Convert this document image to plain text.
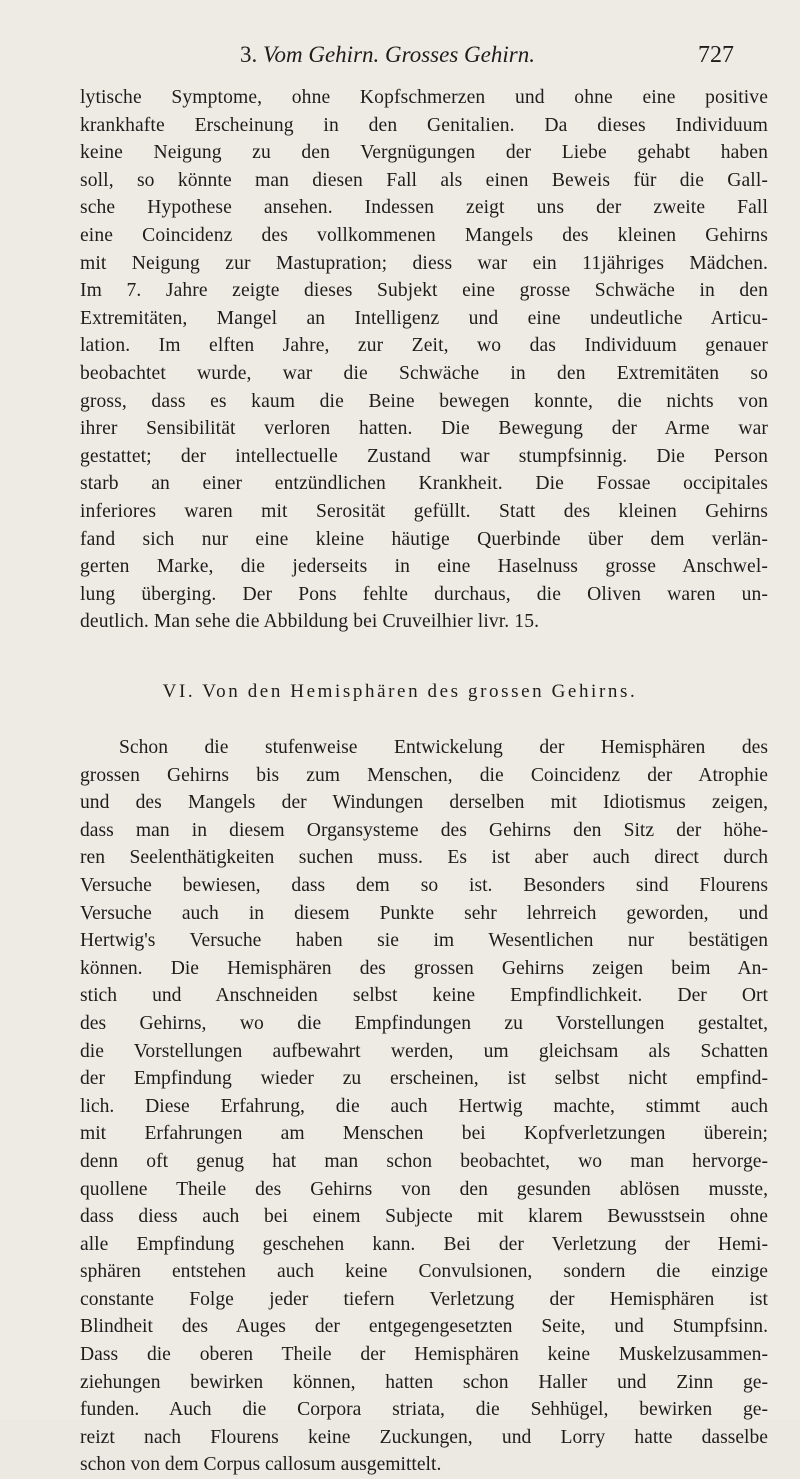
3. Vom Gehirn. Grosses Gehirn.	727
lytische Symptome, ohne Kopfschmerzen und ohne eine positive
krankhafte Erscheinung in den Genitalien. Da dieses Individuum
keine Neigung zu den Vergnügungen der Liebe gehabt haben
soll, so könnte man diesen Fall als einen Beweis für die Gall-
sche Hypothese ansehen. Indessen zeigt uns der zweite Fall
eine Coincidenz des vollkommenen Mangels des kleinen Gehirns
mit Neigung zur Mastupration; diess war ein 11jähriges Mädchen.
Im 7. Jahre zeigte dieses Subjekt eine grosse Schwäche in den
Extremitäten, Mangel an Intelligenz und eine undeutliche Articu-
lation. Im elften Jahre, zur Zeit, wo das Individuum genauer
beobachtet wurde, war die Schwäche in den Extremitäten so
gross, dass es kaum die Beine bewegen konnte, die nichts von
ihrer Sensibilität verloren hatten. Die Bewegung der Arme war
gestattet; der intellectuelle Zustand war stumpfsinnig. Die Person
starb an einer entzündlichen Krankheit. Die Fossae occipitales
inferiores waren mit Serosität gefüllt. Statt des kleinen Gehirns
fand sich nur eine kleine häutige Querbinde über dem verlän-
gerten Marke, die jederseits in eine Haselnuss grosse Anschwel-
lung überging. Der Pons fehlte durchaus, die Oliven waren un-
deutlich. Man sehe die Abbildung bei Cruveilhier livr. 15.
VI. Von den Hemisphären des grossen Gehirns.
Schon die stufenweise Entwickelung der Hemisphären des
grossen Gehirns bis zum Menschen, die Coincidenz der Atrophie
und des Mangels der Windungen derselben mit Idiotismus zeigen,
dass man in diesem Organsysteme des Gehirns den Sitz der höhe-
ren Seelenthätigkeiten suchen muss. Es ist aber auch direct durch
Versuche bewiesen, dass dem so ist. Besonders sind Flourens
Versuche auch in diesem Punkte sehr lehrreich geworden, und
Hertwig's Versuche haben sie im Wesentlichen nur bestätigen
können. Die Hemisphären des grossen Gehirns zeigen beim An-
stich und Anschneiden selbst keine Empfindlichkeit. Der Ort
des Gehirns, wo die Empfindungen zu Vorstellungen gestaltet,
die Vorstellungen aufbewahrt werden, um gleichsam als Schatten
der Empfindung wieder zu erscheinen, ist selbst nicht empfind-
lich. Diese Erfahrung, die auch Hertwig machte, stimmt auch
mit Erfahrungen am Menschen bei Kopfverletzungen überein;
denn oft genug hat man schon beobachtet, wo man hervorge-
quollene Theile des Gehirns von den gesunden ablösen musste,
dass diess auch bei einem Subjecte mit klarem Bewusstsein ohne
alle Empfindung geschehen kann. Bei der Verletzung der Hemi-
sphären entstehen auch keine Convulsionen, sondern die einzige
constante Folge jeder tiefern Verletzung der Hemisphären ist
Blindheit des Auges der entgegengesetzten Seite, und Stumpfsinn.
Dass die oberen Theile der Hemisphären keine Muskelzusammen-
ziehungen bewirken können, hatten schon Haller und Zinn ge-
funden. Auch die Corpora striata, die Sehhügel, bewirken ge-
reizt nach Flourens keine Zuckungen, und Lorry hatte dasselbe
schon von dem Corpus callosum ausgemittelt.
